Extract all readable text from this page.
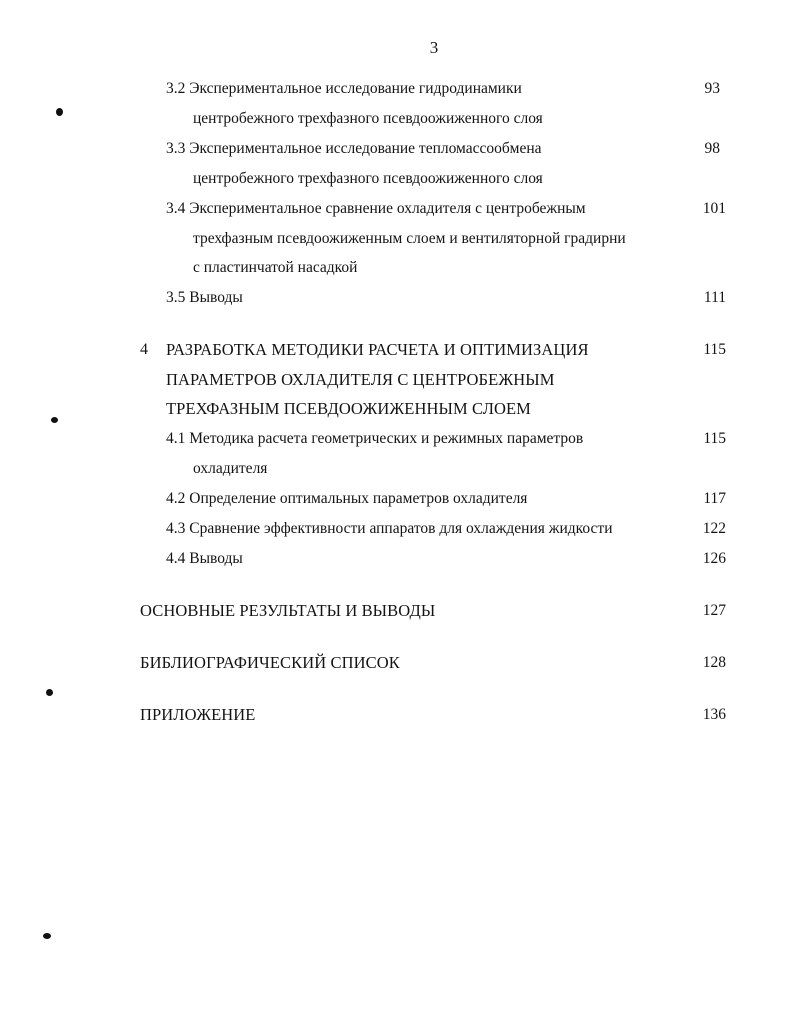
3
3.2 Экспериментальное исследование гидродинамики	93
центробежного трехфазного псевдоожиженного слоя
3.3 Экспериментальное исследование тепломассообмена	98
центробежного трехфазного псевдоожиженного слоя
3.4 Экспериментальное сравнение охладителя с центробежным	101
трехфазным псевдоожиженным слоем и вентиляторной градирни
с пластинчатой насадкой
3.5 Выводы	111
4 РАЗРАБОТКА МЕТОДИКИ РАСЧЕТА И ОПТИМИЗАЦИЯ	115
ПАРАМЕТРОВ ОХЛАДИТЕЛЯ С ЦЕНТРОБЕЖНЫМ
ТРЕХФАЗНЫМ ПСЕВДООЖИЖЕННЫМ СЛОЕМ
4.1 Методика расчета геометрических и режимных параметров	115
охладителя
4.2 Определение оптимальных параметров охладителя	117
4.3 Сравнение эффективности аппаратов для охлаждения жидкости	122
4.4 Выводы	126
ОСНОВНЫЕ РЕЗУЛЬТАТЫ И ВЫВОДЫ	127
БИБЛИОГРАФИЧЕСКИЙ СПИСОК	128
ПРИЛОЖЕНИЕ	136
